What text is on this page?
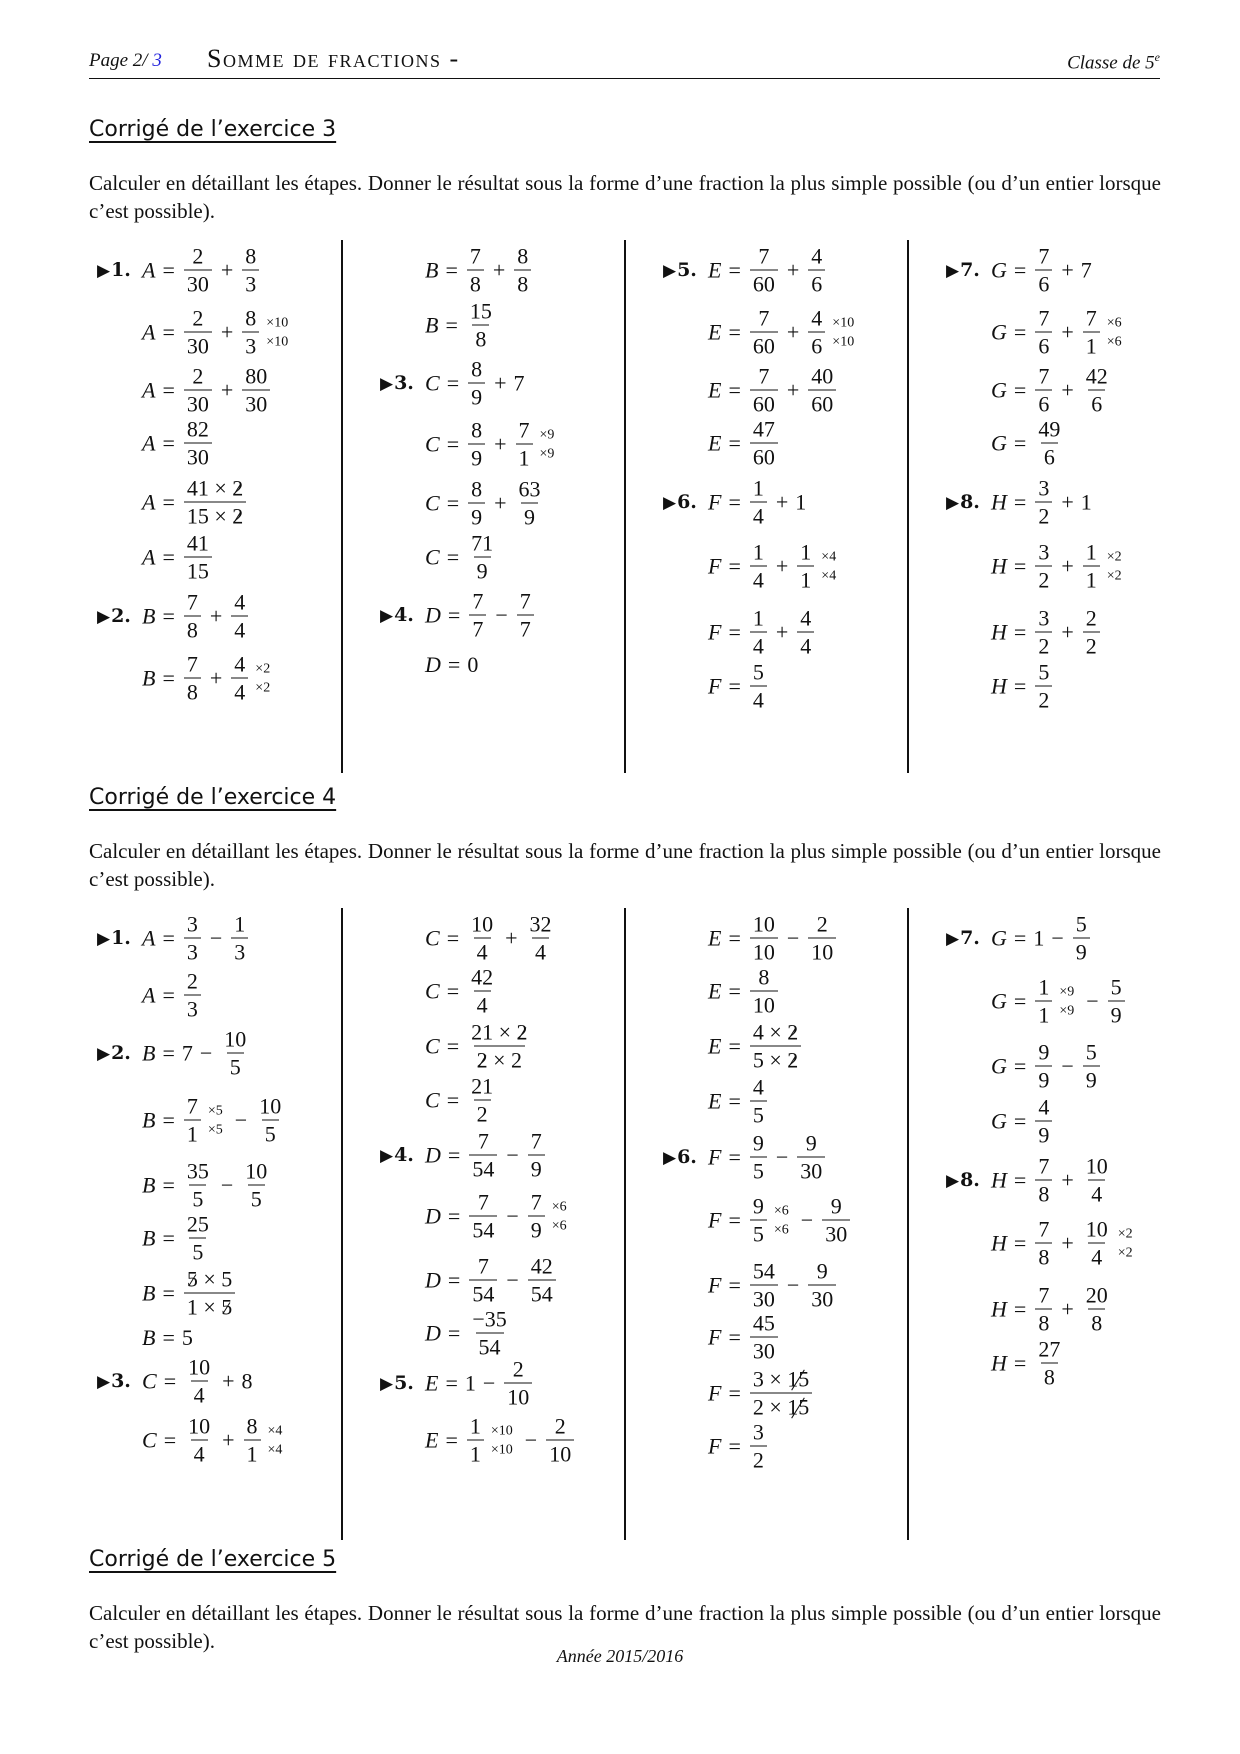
Page 2/ 3 Somme de fractions -	Classe de 5e
Corrigé de l’exercice 3
Calculer en détaillant les étapes. Donner le résultat sous la forme d’une fraction la plus simple possible (ou d’un entier lorsque c’est possible).
▶ 1. $A = \frac{2}{30} + \frac{8}{3}$
$A = \frac{2}{30} + \frac{8}{3} \times 10$
×10
$A = \frac{2}{30} + \frac{80}{30}$
$A = \frac{82}{30}$
$A = \frac{41 \times 2}{15 \times 2}$
$A = \frac{41}{15}$
▶ 2. $B = \frac{7}{8} + \frac{4}{4}$
$B = \frac{7}{8} + \frac{4}{4} \times 2$
×2
$B = \frac{7}{8} + \frac{8}{8}$
$B = \frac{15}{8}$
▶ 3. $C = \frac{8}{9} + 7$
$C = \frac{8}{9} + \frac{7}{1} \times 9$
×9
$C = \frac{8}{9} + \frac{63}{9}$
$C = \frac{71}{9}$
▶ 4. $D = \frac{7}{7} - \frac{7}{7}$
D = 0
▶ 5. $E = \frac{7}{60} + \frac{4}{6}$
$E = \frac{7}{60} + \frac{4}{6} \times 10$
×10
$E = \frac{7}{60} + \frac{40}{60}$
$E = \frac{47}{60}$
▶ 6. $F = \frac{1}{4} + 1$
$F = \frac{1}{4} + \frac{1}{1} \times 4$
×4
$F = \frac{1}{4} + \frac{4}{4}$
$F = \frac{5}{4}$
▶ 7. $G = \frac{7}{6} + 7$
$G = \frac{7}{6} + \frac{7}{1} \times 6$
×6
$G = \frac{7}{6} + \frac{42}{6}$
$G = \frac{49}{6}$
▶ 8. $H = \frac{3}{2} + 1$
$H = \frac{3}{2} + \frac{1}{1} \times 2$
×2
$H = \frac{3}{2} + \frac{2}{2}$
$H = \frac{5}{2}$
Corrigé de l’exercice 4
Calculer en détaillant les étapes. Donner le résultat sous la forme d’une fraction la plus simple possible (ou d’un entier lorsque c’est possible).
▶ 1. $A = \frac{3}{3} - \frac{1}{3}$
$A = \frac{2}{3}$
▶ 2. $B = 7 - \frac{10}{5}$
$B = \frac{7}{1} \times 5$
$\times 5 - \frac{10}{5}$
$B = \frac{35}{5} - \frac{10}{5}$
$B = \frac{25}{5}$
$B = \frac{5 \times 5}{1 \times 5}$
B = 5
▶ 3. $C = \frac{10}{4} + 8$
$C = \frac{10}{4} + \frac{8}{1} \times 4$
×4
$C = \frac{10}{4} + \frac{32}{4}$
$C = \frac{42}{4}$
$C = \frac{21 \times 2}{2 \times 2}$
$C = \frac{21}{2}$
▶ 4. $D = \frac{7}{54} - \frac{7}{9}$
$D = \frac{7}{54} - \frac{7}{9} \times 6$
×6
$D = \frac{7}{54} - \frac{42}{54}$
$D = \frac{-35}{54}$
▶ 5. $E = 1 - \frac{2}{10}$
$E = \frac{1}{1} \times 10$
$\times 10 - \frac{2}{10}$
$E = \frac{10}{10} - \frac{2}{10}$
$E = \frac{8}{10}$
$E = \frac{4 \times 2}{5 \times 2}$
$E = \frac{4}{5}$
▶ 6. $F = \frac{9}{5} - \frac{9}{30}$
$F = \frac{9}{5} \times 6$
$\times 6 - \frac{9}{30}$
$F = \frac{54}{30} - \frac{9}{30}$
$F = \frac{45}{30}$
$F = \frac{3 \times 15}{2 \times 15}$
$F = \frac{3}{2}$
▶ 7. $G = 1 - \frac{5}{9}$
$G = \frac{1}{1} \times 9$
$\times 9 - \frac{5}{9}$
$G = \frac{9}{9} - \frac{5}{9}$
$G = \frac{4}{9}$
▶ 8. $H = \frac{7}{8} + \frac{10}{4}$
$H = \frac{7}{8} + \frac{10}{4} \times 2$
×2
$H = \frac{7}{8} + \frac{20}{8}$
$H = \frac{27}{8}$
Corrigé de l’exercice 5
Calculer en détaillant les étapes. Donner le résultat sous la forme d’une fraction la plus simple possible (ou d’un entier lorsque c’est possible).
Année 2015/2016
